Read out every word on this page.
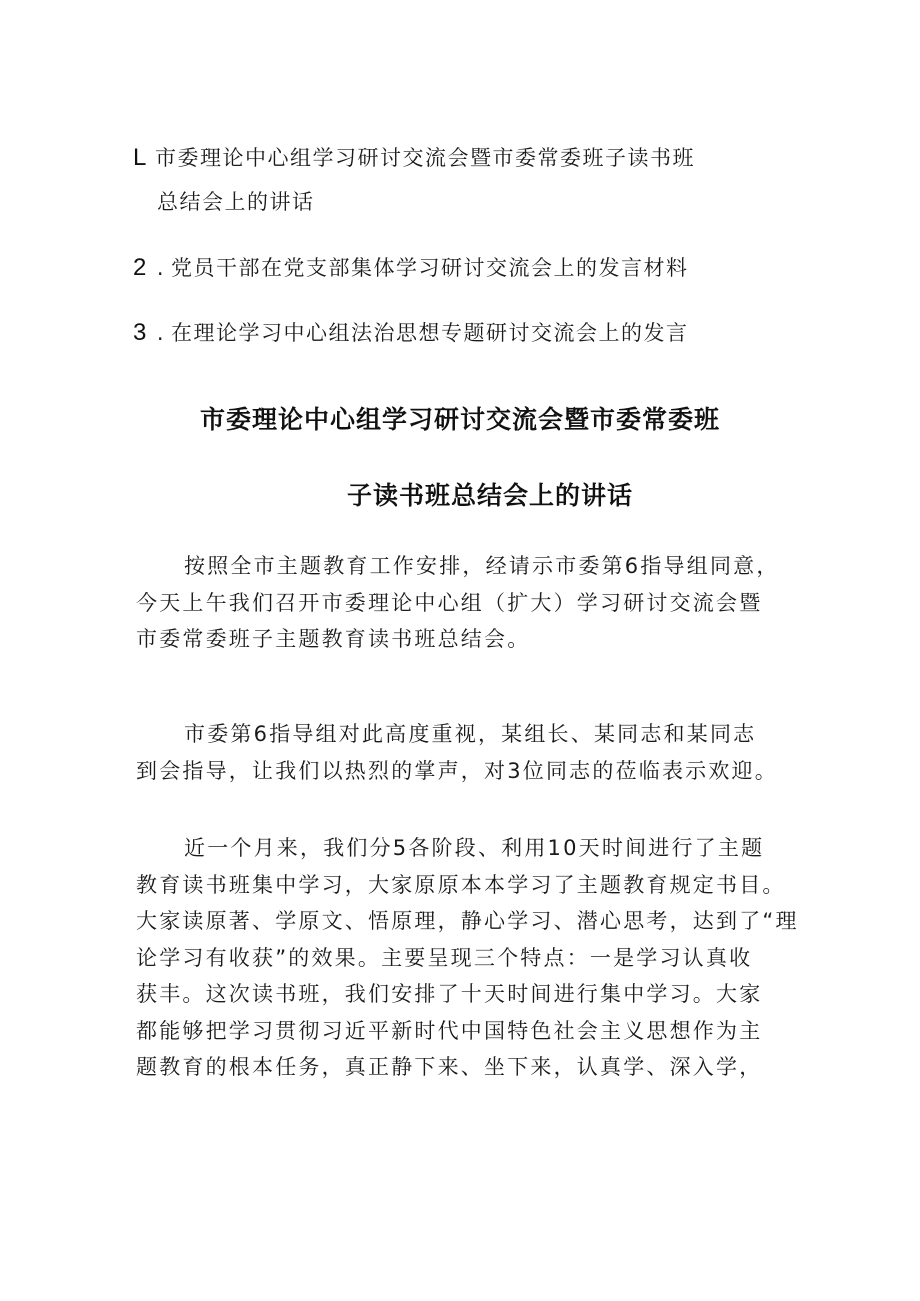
L 市委理论中心组学习研讨交流会暨市委常委班子读书班
总结会上的讲话
2 . 党员干部在党支部集体学习研讨交流会上的发言材料
3 . 在理论学习中心组法治思想专题研讨交流会上的发言
市委理论中心组学习研讨交流会暨市委常委班
子读书班总结会上的讲话
按照全市主题教育工作安排，经请示市委第6指导组同意，
今天上午我们召开市委理论中心组（扩大）学习研讨交流会暨
市委常委班子主题教育读书班总结会。
市委第6指导组对此高度重视，某组长、某同志和某同志
到会指导，让我们以热烈的掌声，对3位同志的莅临表示欢迎。
近一个月来，我们分5各阶段、利用10天时间进行了主题
教育读书班集中学习，大家原原本本学习了主题教育规定书目。
大家读原著、学原文、悟原理，静心学习、潜心思考，达到了“理
论学习有收获”的效果。主要呈现三个特点：一是学习认真收
获丰。这次读书班，我们安排了十天时间进行集中学习。大家
都能够把学习贯彻习近平新时代中国特色社会主义思想作为主
题教育的根本任务，真正静下来、坐下来，认真学、深入学，
